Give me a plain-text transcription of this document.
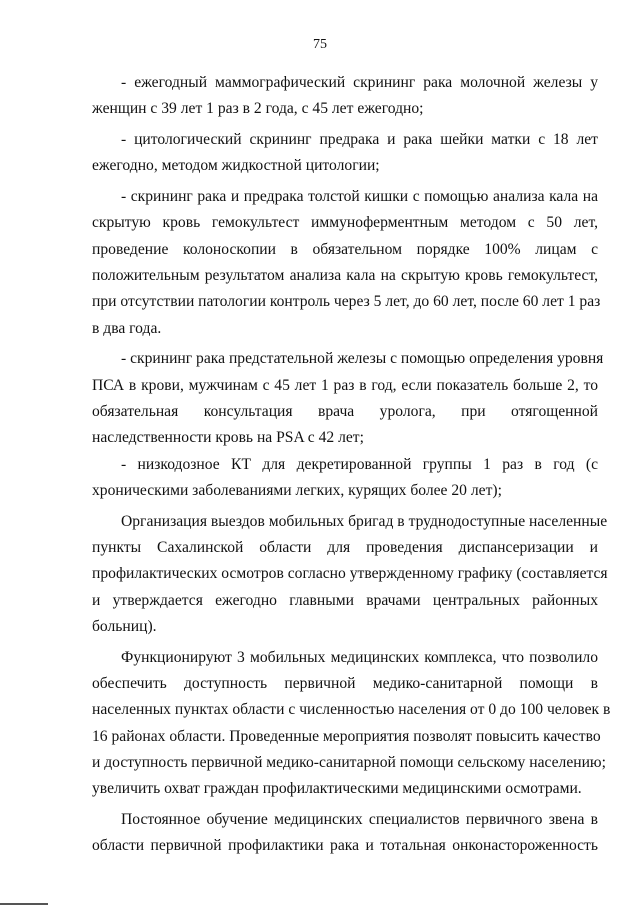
75
- ежегодный маммографический скрининг рака молочной железы у
женщин с 39 лет 1 раз в 2 года, с 45 лет ежегодно;
- цитологический скрининг предрака и рака шейки матки с 18 лет
ежегодно, методом жидкостной цитологии;
- скрининг рака и предрака толстой кишки с помощью анализа кала на
скрытую кровь гемокультест иммуноферментным методом с 50 лет,
проведение колоноскопии в обязательном порядке 100% лицам с
положительным результатом анализа кала на скрытую кровь гемокультест,
при отсутствии патологии контроль через 5 лет, до 60 лет, после 60 лет 1 раз
в два года.
- скрининг рака предстательной железы с помощью определения уровня
ПСА в крови, мужчинам с 45 лет 1 раз в год, если показатель больше 2, то
обязательная консультация врача уролога, при отягощенной
наследственности кровь на PSA с 42 лет;
- низкодозное КТ для декретированной группы 1 раз в год (с
хроническими заболеваниями легких, курящих более 20 лет);
Организация выездов мобильных бригад в труднодоступные населенные
пункты Сахалинской области для проведения диспансеризации и
профилактических осмотров согласно утвержденному графику (составляется
и утверждается ежегодно главными врачами центральных районных
больниц).
Функционируют 3 мобильных медицинских комплекса, что позволило
обеспечить доступность первичной медико-санитарной помощи в
населенных пунктах области с численностью населения от 0 до 100 человек в
16 районах области. Проведенные мероприятия позволят повысить качество
и доступность первичной медико-санитарной помощи сельскому населению;
увеличить охват граждан профилактическими медицинскими осмотрами.
Постоянное обучение медицинских специалистов первичного звена в
области первичной профилактики рака и тотальная онконастороженность
